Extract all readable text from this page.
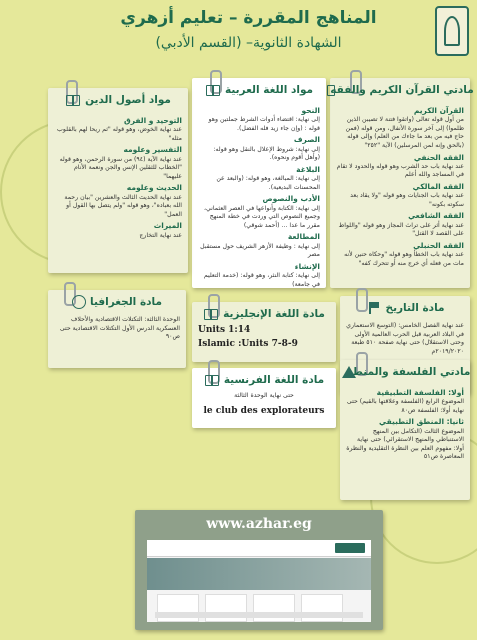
المناهج المقررة – تعليم أزهري
الشهادة الثانوية– (القسم الأدبي)
مادتي القرآن الكريم والفقه
القرآن الكريم

من أول قوله تعالى (واتقوا فتنة لا تصيبن الذين ظلموا) إلى آخر سورة الأنفال، ومن قوله (فمن حاج فيه من بعد ما جاءك من العلم) وإلى قوله (بالحق وإنه لمن المرسلين) الآية "٢٥٢"

الفقه الحنفي

عند نهاية باب حد الشرب وهو قوله والحدود لا تقام في المساجد والله أعلم

الفقه المالكي

عند نهاية باب الجنايات وهو قوله "ولا يقاد بعد سكوته بكونه"

الفقه الشافعي

عند نهاية أثر على تراث المجاز وهو قوله "واللواط على القصد لا القتل"

الفقه الحنبلي

عند نهاية باب الخطأ وهو قوله "وحكاه حنين لأنه مات من فعله أي خرج منه أو تتحرك كفه"

مواد اللغة العربية
النحو

إلى نهاية: اقتضاء أدوات الشرط جملتين وهو قوله : (وإن جاء زيد فله الفضل).

الصرف

إلى نهاية: شروط الإعلال بالنقل وهو قوله: (وأهل أقوم ونحوه).

البلاغة

إلى نهاية: المبالغة، وهو قوله: (والبعد عن المحسنات البديعية).

الأدب والنصوص

إلى نهاية: الكتابة وأنواعها في العصر العثماني، وجميع النصوص التي وردت في خطة المنهج مقرر ما عدا ... (أحمد شوقي)

المطالعة

إلى نهاية : وظيفة الأزهر الشريف حول مستقبل مصر

الإنشاء

إلى نهاية: كتابة النثر، وهو قوله: (خدمة التعليم في جامعة)

مواد أصول الدين
التوحيد و الفرق

عند نهاية الخوض، وهو قوله "ثم ريحا لهم بالقلوب مثله"

التفسير وعلومه

عند نهاية الآية (٩٤) من سورة الرحمن، وهو قوله "الخطاب للثقلين الإنس والجن ونعمة الأنام عليهما"

الحديث وعلومه

عند نهاية الحديث الثالث والعشرين "بيان رحمة الله بعباده"، وهو قوله "ولم يتصل بها القول أو العمل"

الميراث

عند نهاية التخارج

مادة التاريخ

عند نهاية الفصل الخامس: (التوسع الاستعماري في البلاد العربية قبل الحرب العالمية الأولى وحتى الاستقلال) حتى نهاية صفحة ٥١٠ طبعة ٢٠١٩/٢٠٢٠م

مادة اللغة الإنجليزية
Units 1:14
Islamic :Units 7-8-9
مادة الجغرافيا

الوحدة الثالثة: التكتلات الاقتصادية والأحلاف العسكرية الدرس الأول التكتلات الاقتصادية حتى ص٩٠

مادة اللغة الفرنسية

حتى نهاية الوحدة الثالثة

le club des explorateurs
مادتي الفلسفة والمنطق
أولا: الفلسفة التطبيقية

الموضوع الرابع (الفلسفة وعلاقتها بالقيم) حتى نهاية أولا: الفلسفة ص٨٠

ثانيا: المنطق التطبيقي

الموضوع الثالث (التكامل بين المنهج الاستنباطي والمنهج الاستقرائي) حتى نهاية أولا: مفهوم العلم بين النظرة التقليدية والنظرة المعاصرة ص٥١

www.azhar.eg
